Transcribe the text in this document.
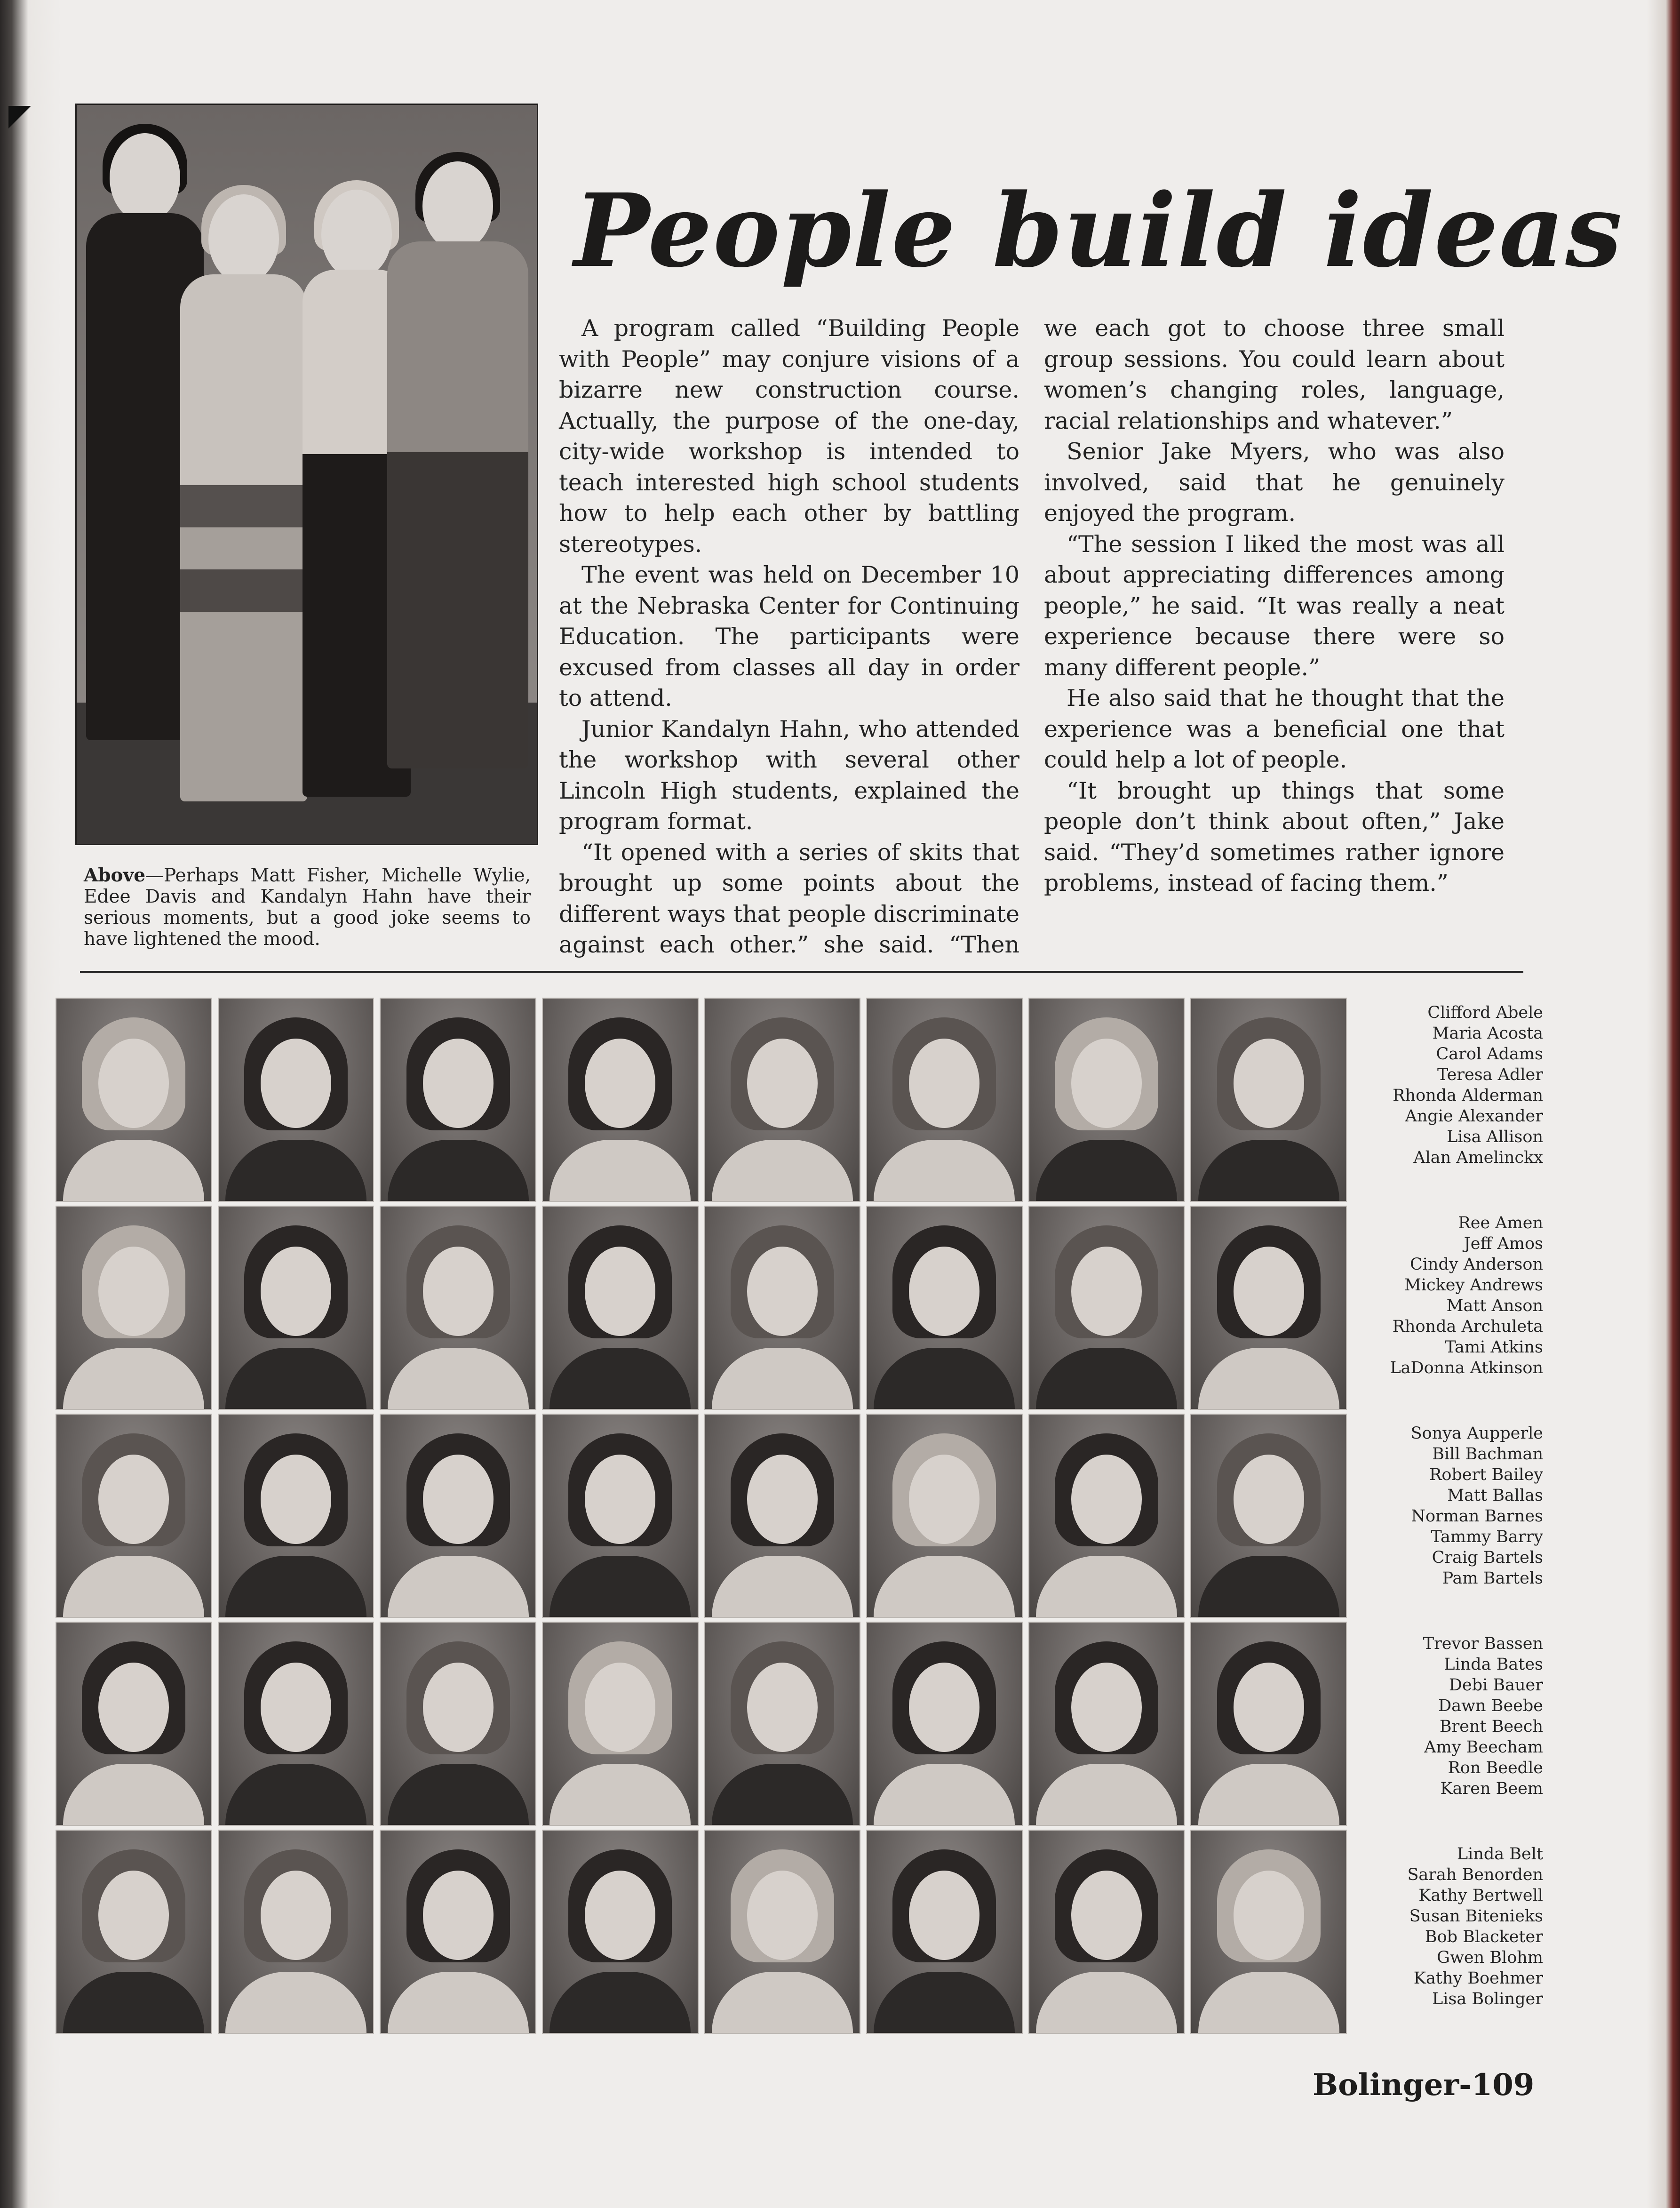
People build ideas

A program called “Building People with People” may conjure visions of a bizarre new construction course. Actually, the purpose of the one-day, city-wide workshop is intended to teach interested high school students how to help each other by battling stereotypes.

The event was held on December 10 at the Nebraska Center for Continuing Education. The participants were excused from classes all day in order to attend.

Junior Kandalyn Hahn, who attended the workshop with several other Lincoln High students, explained the program format.

“It opened with a series of skits that brought up some points about the different ways that people discriminate against each other.” she said. “Then we each got to choose three small group sessions. You could learn about women’s changing roles, language, racial relationships and whatever.”

Senior Jake Myers, who was also involved, said that he genuinely enjoyed the program.

“The session I liked the most was all about appreciating differences among people,” he said. “It was really a neat experience because there were so many different people.”

He also said that he thought that the experience was a beneficial one that could help a lot of people.

“It brought up things that some people don’t think about often,” Jake said. “They’d sometimes rather ignore problems, instead of facing them.”

Above—Perhaps Matt Fisher, Michelle Wylie, Edee Davis and Kandalyn Hahn have their serious moments, but a good joke seems to have lightened the mood.
Clifford Abele
Maria Acosta
Carol Adams
Teresa Adler
Rhonda Alderman
Angie Alexander
Lisa Allison
Alan Amelinckx
Ree Amen
Jeff Amos
Cindy Anderson
Mickey Andrews
Matt Anson
Rhonda Archuleta
Tami Atkins
LaDonna Atkinson
Sonya Aupperle
Bill Bachman
Robert Bailey
Matt Ballas
Norman Barnes
Tammy Barry
Craig Bartels
Pam Bartels
Trevor Bassen
Linda Bates
Debi Bauer
Dawn Beebe
Brent Beech
Amy Beecham
Ron Beedle
Karen Beem
Linda Belt
Sarah Benorden
Kathy Bertwell
Susan Bitenieks
Bob Blacketer
Gwen Blohm
Kathy Boehmer
Lisa Bolinger
Bolinger-109
